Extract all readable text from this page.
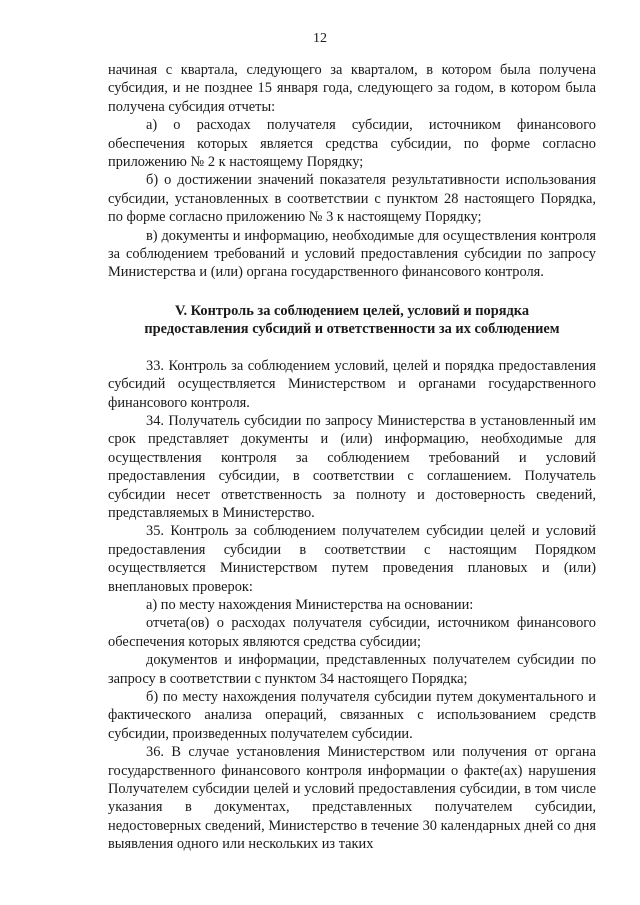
12

начиная с квартала, следующего за кварталом, в котором была получена субсидия, и не позднее 15 января года, следующего за годом, в котором была получена субсидия отчеты:

а) о расходах получателя субсидии, источником финансового обеспечения которых является средства субсидии, по форме согласно приложению № 2 к настоящему Порядку;

б) о достижении значений показателя результативности использования субсидии, установленных в соответствии с пунктом 28 настоящего Порядка, по форме согласно приложению № 3 к настоящему Порядку;

в) документы и информацию, необходимые для осуществления контроля за соблюдением требований и условий предоставления субсидии по запросу Министерства и (или) органа государственного финансового контроля.

V. Контроль за соблюдением целей, условий и порядка
предоставления субсидий и ответственности за их соблюдением

33. Контроль за соблюдением условий, целей и порядка предоставления субсидий осуществляется Министерством и органами государственного финансового контроля.

34. Получатель субсидии по запросу Министерства в установленный им срок представляет документы и (или) информацию, необходимые для осуществления контроля за соблюдением требований и условий предоставления субсидии, в соответствии с соглашением. Получатель субсидии несет ответственность за полноту и достоверность сведений, представляемых в Министерство.

35. Контроль за соблюдением получателем субсидии целей и условий предоставления субсидии в соответствии с настоящим Порядком осуществляется Министерством путем проведения плановых и (или) внеплановых проверок:

а) по месту нахождения Министерства на основании:

отчета(ов) о расходах получателя субсидии, источником финансового обеспечения которых являются средства субсидии;

документов и информации, представленных получателем субсидии по запросу в соответствии с пунктом 34 настоящего Порядка;

б) по месту нахождения получателя субсидии путем документального и фактического анализа операций, связанных с использованием средств субсидии, произведенных получателем субсидии.

36. В случае установления Министерством или получения от органа государственного финансового контроля информации о факте(ах) нарушения Получателем субсидии целей и условий предоставления субсидии, в том числе указания в документах, представленных получателем субсидии, недостоверных сведений, Министерство в течение 30 календарных дней со дня выявления одного или нескольких из таких
